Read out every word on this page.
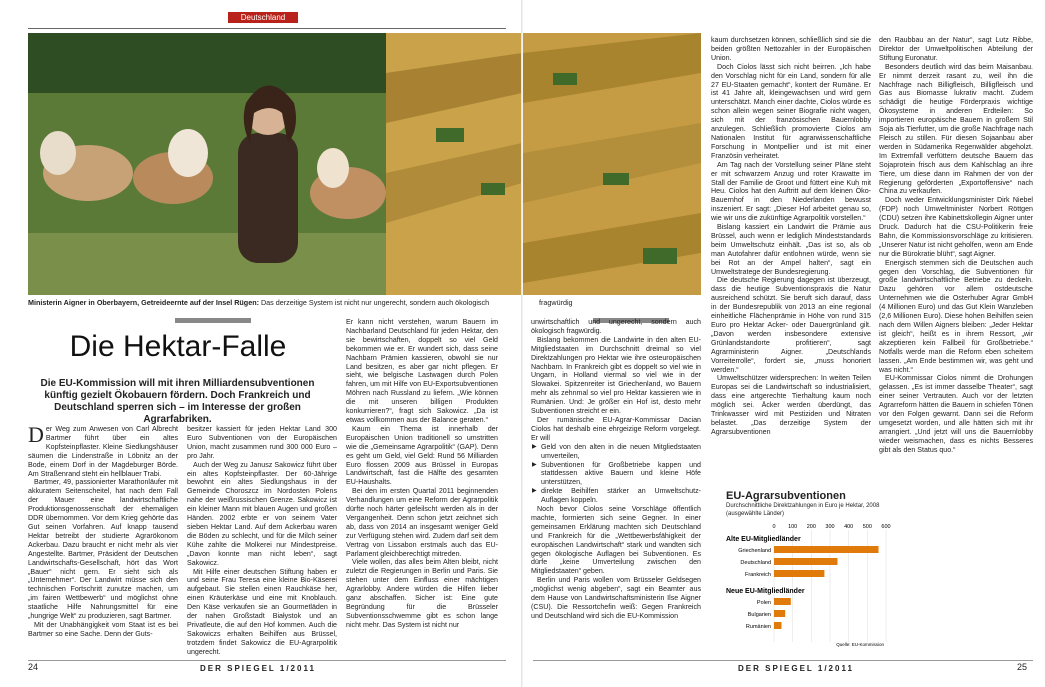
Deutschland
Ministerin Aigner in Oberbayern, Getreideernte auf der Insel Rügen: Das derzeitige System ist nicht nur ungerecht, sondern auch ökologisch
Die Hektar-Falle
Die EU-Kommission will mit ihren Milliardensubventionen künftig gezielt Ökobauern fördern. Doch Frankreich und Deutschland sperren sich – im Interesse der großen Agrarfabriken.

Der Weg zum Anwesen von Carl Albrecht Bartmer führt über ein altes Kopfsteinpflaster. Kleine Siedlungshäuser säumen die Lindenstraße in Löbnitz an der Bode, einem Dorf in der Magdeburger Börde. Am Straßenrand steht ein hellblauer Trabi.

Bartmer, 49, passionierter Marathonläufer mit akkuratem Seitenscheitel, hat nach dem Fall der Mauer eine landwirtschaftliche Produktionsgenossenschaft der ehemaligen DDR übernommen. Vor dem Krieg gehörte das Gut seinen Vorfahren. Auf knapp tausend Hektar betreibt der studierte Agrarökonom Ackerbau. Dazu braucht er nicht mehr als vier Angestellte. Bartmer, Präsident der Deutschen Landwirtschafts-Gesellschaft, hört das Wort „Bauer“ nicht gern. Er sieht sich als „Unternehmer“. Der Landwirt müsse sich den technischen Fortschritt zunutze machen, um „im fairen Wettbewerb“ und möglichst ohne staatliche Hilfe Nahrungsmittel für eine „hungrige Welt“ zu produzieren, sagt Bartmer.

Mit der Unabhängigkeit vom Staat ist es bei Bartmer so eine Sache. Denn der Guts-

besitzer kassiert für jeden Hektar Land 300 Euro Subventionen von der Europäischen Union, macht zusammen rund 300 000 Euro – pro Jahr.

Auch der Weg zu Janusz Sakowicz führt über ein altes Kopfsteinpflaster. Der 60-Jährige bewohnt ein altes Siedlungshaus in der Gemeinde Choroszcz im Nordosten Polens nahe der weißrussischen Grenze. Sakowicz ist ein kleiner Mann mit blauen Augen und großen Händen. 2002 erbte er von seinem Vater sieben Hektar Land. Auf dem Ackerbau waren die Böden zu schlecht, und für die Milch seiner Kühe zahlte die Molkerei nur Mindestpreise. „Davon konnte man nicht leben“, sagt Sakowicz.

Mit Hilfe einer deutschen Stiftung haben er und seine Frau Teresa eine kleine Bio-Käserei aufgebaut. Sie stellen einen Rauchkäse her, einen Kräuterkäse und eine mit Knoblauch. Den Käse verkaufen sie an Gourmetläden in der nahen Großstadt Białystok und an Privatleute, die auf den Hof kommen. Auch die Sakowiczs erhalten Beihilfen aus Brüssel, trotzdem findet Sakowicz die EU-Agrarpolitik ungerecht.

Er kann nicht verstehen, warum Bauern im Nachbarland Deutschland für jeden Hektar, den sie bewirtschaften, doppelt so viel Geld bekommen wie er. Er wundert sich, dass seine Nachbarn Prämien kassieren, obwohl sie nur Land besitzen, es aber gar nicht pflegen. Er sieht, wie belgische Lastwagen durch Polen fahren, um mit Hilfe von EU-Exportsubventionen Möhren nach Russland zu liefern. „Wie können die mit unseren billigen Produkten konkurrieren?“, fragt sich Sakowicz. „Da ist etwas vollkommen aus der Balance geraten.“

Kaum ein Thema ist innerhalb der Europäischen Union traditionell so umstritten wie die „Gemeinsame Agrarpolitik“ (GAP). Denn es geht um Geld, viel Geld: Rund 56 Milliarden Euro flossen 2009 aus Brüssel in Europas Landwirtschaft, fast die Hälfte des gesamten EU-Haushalts.

Bei den im ersten Quartal 2011 beginnenden Verhandlungen um eine Reform der Agrarpolitik dürfte noch härter gefeilscht werden als in der Vergangenheit. Denn schon jetzt zeichnet sich ab, dass von 2014 an insgesamt weniger Geld zur Verfügung stehen wird. Zudem darf seit dem Vertrag von Lissabon erstmals auch das EU-Parlament gleichberechtigt mitreden.

Viele wollen, das alles beim Alten bleibt, nicht zuletzt die Regierungen in Berlin und Paris. Sie stehen unter dem Einfluss einer mächtigen Agrarlobby. Andere würden die Hilfen lieber ganz abschaffen. Sicher ist: Eine gute Begründung für die Brüsseler Subventionsschwemme gibt es schon lange nicht mehr. Das System ist nicht nur

24	DER SPIEGEL 1/2011
fragwürdig

unwirtschaftlich und ungerecht, sondern auch ökologisch fragwürdig.

Bislang bekommen die Landwirte in den alten EU-Mitgliedstaaten im Durchschnitt dreimal so viel Direktzahlungen pro Hektar wie ihre osteuropäischen Nachbarn. In Frankreich gibt es doppelt so viel wie in Ungarn, in Holland viermal so viel wie in der Slowakei. Spitzenreiter ist Griechenland, wo Bauern mehr als zehnmal so viel pro Hektar kassieren wie in Rumänien. Und: Je größer ein Hof ist, desto mehr Subventionen streicht er ein.

Der rumänische EU-Agrar-Kommissar Dacian Ciolos hat deshalb eine ehrgeizige Reform vorgelegt. Er will

▶ Geld von den alten in die neuen Mitgliedstaaten umverteilen,
▶ Subventionen für Großbetriebe kappen und stattdessen aktive Bauern und kleine Höfe unterstützen,
▶ direkte Beihilfen stärker an Umweltschutz-Auflagen koppeln.

Noch bevor Ciolos seine Vorschläge öffentlich machte, formierten sich seine Gegner. In einer gemeinsamen Erklärung machten sich Deutschland und Frankreich für die „Wettbewerbsfähigkeit der europäischen Landwirtschaft“ stark und wandten sich gegen ökologische Auflagen bei Subventionen. Es dürfe „keine Umverteilung zwischen den Mitgliedstaaten“ geben.

Berlin und Paris wollen vom Brüsseler Geldsegen „möglichst wenig abgeben“, sagt ein Beamter aus dem Hause von Landwirtschaftsministerin Ilse Aigner (CSU). Die Ressortchefin weiß: Gegen Frankreich und Deutschland wird sich die EU-Kommission

kaum durchsetzen können, schließlich sind sie die beiden größten Nettozahler in der Europäischen Union.

Doch Ciolos lässt sich nicht beirren. „Ich habe den Vorschlag nicht für ein Land, sondern für alle 27 EU-Staaten gemacht“, kontert der Rumäne. Er ist 41 Jahre alt, kleingewachsen und wird gern unterschätzt. Manch einer dachte, Ciolos würde es schon allein wegen seiner Biografie nicht wagen, sich mit der französischen Bauernlobby anzulegen. Schließlich promovierte Ciolos am Nationalen Institut für agrarwissenschaftliche Forschung in Montpellier und ist mit einer Französin verheiratet.

Am Tag nach der Vorstellung seiner Pläne steht er mit schwarzem Anzug und roter Krawatte im Stall der Familie de Groot und füttert eine Kuh mit Heu. Ciolos hat den Auftritt auf dem kleinen Öko-Bauernhof in den Niederlanden bewusst inszeniert. Er sagt: „Dieser Hof arbeitet genau so, wie wir uns die zukünftige Agrarpolitik vorstellen.“

Bislang kassiert ein Landwirt die Prämie aus Brüssel, auch wenn er lediglich Mindeststandards beim Umweltschutz einhält. „Das ist so, als ob man Autofahrer dafür entlohnen würde, wenn sie bei Rot an der Ampel halten“, sagt ein Umweltstratege der Bundesregierung.

Die deutsche Regierung dagegen ist überzeugt, dass die heutige Subventionspraxis die Natur ausreichend schützt. Sie beruft sich darauf, dass in der Bundesrepublik von 2013 an eine regional einheitliche Flächenprämie in Höhe von rund 315 Euro pro Hektar Acker- oder Dauergrünland gilt. „Davon werden insbesondere extensive Grünlandstandorte profitieren“, sagt Agrarministerin Aigner. „Deutschlands Vorreiterrolle“, fordert sie, „muss honoriert werden.“

Umweltschützer widersprechen: In weiten Teilen Europas sei die Landwirtschaft so industrialisiert, dass eine artgerechte Tierhaltung kaum noch möglich sei. Äcker werden überdüngt, das Trinkwasser wird mit Pestiziden und Nitraten belastet. „Das derzeitige System der Agrarsubventionen

EU-Agrarsubventionen
Durchschnittliche Direktzahlungen in Euro je Hektar, 2008 (ausgewählte Länder)
0 100 200 300 400 500 600
Alte EU-Mitgliedländer
Griechenland
Deutschland
Frankreich
Neue EU-Mitgliedländer
Polen
Bulgarien
Rumänien
Quelle: EU-Kommission

den Raubbau an der Natur“, sagt Lutz Ribbe, Direktor der Umweltpolitischen Abteilung der Stiftung Euronatur.

Besonders deutlich wird das beim Maisanbau. Er nimmt derzeit rasant zu, weil ihn die Nachfrage nach Billigfleisch, Billigfleisch und Gas aus Biomasse lukrativ macht. Zudem schädigt die heutige Förderpraxis wichtige Ökosysteme in anderen Erdteilen: So importieren europäische Bauern in großem Stil Soja als Tierfutter, um die große Nachfrage nach Fleisch zu stillen. Für diesen Sojaanbau aber werden in Südamerika Regenwälder abgeholzt. Im Extremfall verfüttern deutsche Bauern das Sojaprotein frisch aus dem Kahlschlag an ihre Tiere, um diese dann im Rahmen der von der Regierung geförderten „Exportoffensive“ nach China zu verkaufen.

Doch weder Entwicklungsminister Dirk Niebel (FDP) noch Umweltminister Norbert Röttgen (CDU) setzen ihre Kabinettskollegin Aigner unter Druck. Dadurch hat die CSU-Politikerin freie Bahn, die Kommissionsvorschläge zu kritisieren. „Unserer Natur ist nicht geholfen, wenn am Ende nur die Bürokratie blüht“, sagt Aigner.

Energisch stemmen sich die Deutschen auch gegen den Vorschlag, die Subventionen für große landwirtschaftliche Betriebe zu deckeln. Dazu gehören vor allem ostdeutsche Unternehmen wie die Osterhuber Agrar GmbH (4 Millionen Euro) und das Gut Klein Wanzleben (2,6 Millionen Euro). Diese hohen Beihilfen seien nach dem Willen Aigners bleiben: „Jeder Hektar ist gleich“, heißt es in ihrem Ressort, „wir akzeptieren kein Fallbeil für Großbetriebe.“ Notfalls werde man die Reform eben scheitern lassen. „Am Ende bestimmen wir, was geht und was nicht.“

EU-Kommissar Ciolos nimmt die Drohungen gelassen. „Es ist immer dasselbe Theater“, sagt einer seiner Vertrauten. Auch vor der letzten Agrarreform hätten die Bauern in schiefen Tönen vor den Folgen gewarnt. Dann sei die Reform umgesetzt worden, und alle hätten sich mit ihr arrangiert. „Und jetzt will uns die Bauernlobby wieder weismachen, dass es nichts Besseres gibt als den Status quo.“

DER SPIEGEL 1/2011	25
